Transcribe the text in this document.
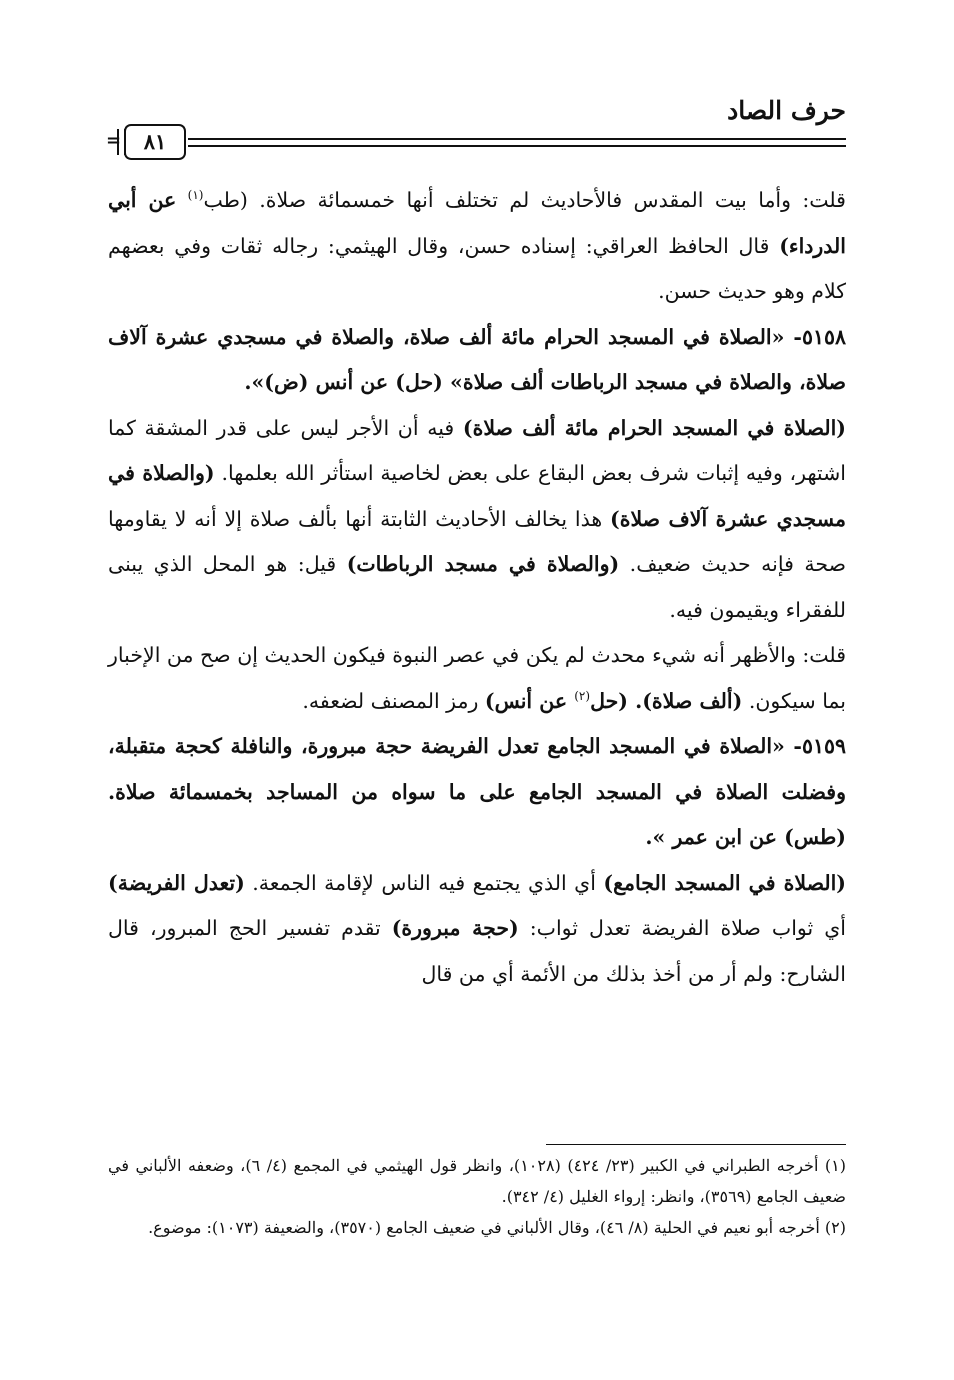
حرف الصاد
٨١
=

قلت: وأما بيت المقدس فالأحاديث لم تختلف أنها خمسمائة صلاة. (طب$^{(١)}$ عن أبي الدرداء) قال الحافظ العراقي: إسناده حسن، وقال الهيثمي: رجاله ثقات وفي بعضهم كلام وهو حديث حسن.

٥١٥٨- «الصلاة في المسجد الحرام مائة ألف صلاة، والصلاة في مسجدي عشرة آلاف صلاة، والصلاة في مسجد الرباطات ألف صلاة» (حل) عن أنس (ض)».

(الصلاة في المسجد الحرام مائة ألف صلاة) فيه أن الأجر ليس على قدر المشقة كما اشتهر، وفيه إثبات شرف بعض البقاع على بعض لخاصية استأثر الله بعلمها. (والصلاة في مسجدي عشرة آلاف صلاة) هذا يخالف الأحاديث الثابتة أنها بألف صلاة إلا أنه لا يقاومها صحة فإنه حديث ضعيف. (والصلاة في مسجد الرباطات) قيل: هو المحل الذي يبنى للفقراء ويقيمون فيه.

قلت: والأظهر أنه شيء محدث لم يكن في عصر النبوة فيكون الحديث إن صح من الإخبار بما سيكون. (ألف صلاة). (حل$^{(٢)}$ عن أنس) رمز المصنف لضعفه.

٥١٥٩- «الصلاة في المسجد الجامع تعدل الفريضة حجة مبرورة، والنافلة كحجة متقبلة، وفضلت الصلاة في المسجد الجامع على ما سواه من المساجد بخمسمائة صلاة. (طس) عن ابن عمر ».

(الصلاة في المسجد الجامع) أي الذي يجتمع فيه الناس لإقامة الجمعة. (تعدل الفريضة) أي ثواب صلاة الفريضة تعدل ثواب: (حجة مبرورة) تقدم تفسير الحج المبرور، قال الشارح: ولم أر من أخذ بذلك من الأئمة أي من قال

(١) أخرجه الطبراني في الكبير (٢٣/ ٤٢٤) (١٠٢٨)، وانظر قول الهيثمي في المجمع (٤/ ٦)، وضعفه الألباني في ضعيف الجامع (٣٥٦٩)، وانظر: إرواء الغليل (٤/ ٣٤٢).

(٢) أخرجه أبو نعيم في الحلية (٨/ ٤٦)، وقال الألباني في ضعيف الجامع (٣٥٧٠)، والضعيفة (١٠٧٣): موضوع.
